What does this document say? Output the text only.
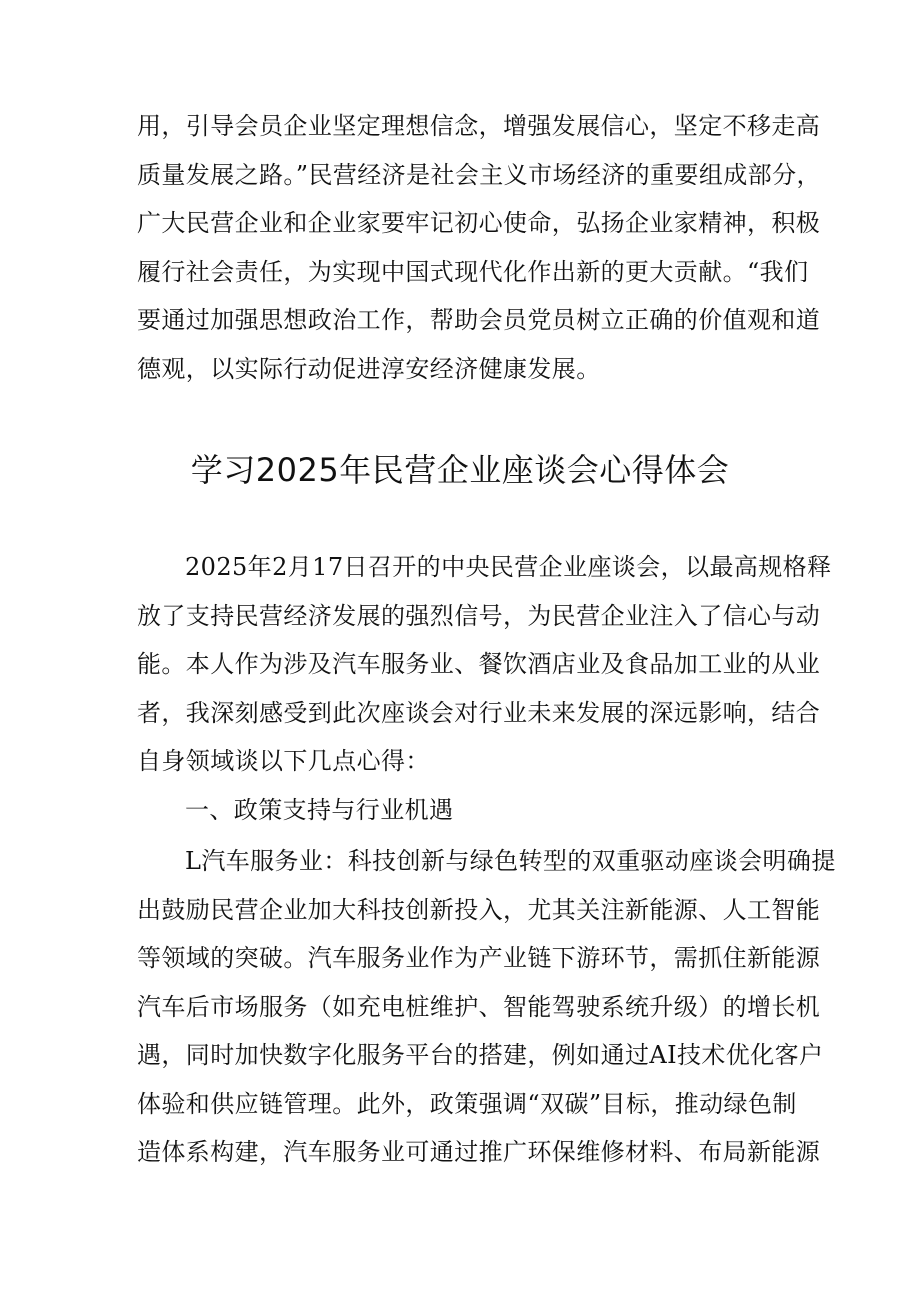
用，引导会员企业坚定理想信念，增强发展信心，坚定不移走高
质量发展之路。”民营经济是社会主义市场经济的重要组成部分，
广大民营企业和企业家要牢记初心使命，弘扬企业家精神，积极
履行社会责任，为实现中国式现代化作出新的更大贡献。“我们
要通过加强思想政治工作，帮助会员党员树立正确的价值观和道
德观，以实际行动促进淳安经济健康发展。
学习2025年民营企业座谈会心得体会
2025年2月17日召开的中央民营企业座谈会，以最高规格释
放了支持民营经济发展的强烈信号，为民营企业注入了信心与动
能。本人作为涉及汽车服务业、餐饮酒店业及食品加工业的从业
者，我深刻感受到此次座谈会对行业未来发展的深远影响，结合
自身领域谈以下几点心得：
一、政策支持与行业机遇
L汽车服务业：科技创新与绿色转型的双重驱动座谈会明确提
出鼓励民营企业加大科技创新投入，尤其关注新能源、人工智能
等领域的突破。汽车服务业作为产业链下游环节，需抓住新能源
汽车后市场服务（如充电桩维护、智能驾驶系统升级）的增长机
遇，同时加快数字化服务平台的搭建，例如通过AI技术优化客户
体验和供应链管理。此外，政策强调“双碳”目标，推动绿色制
造体系构建，汽车服务业可通过推广环保维修材料、布局新能源
